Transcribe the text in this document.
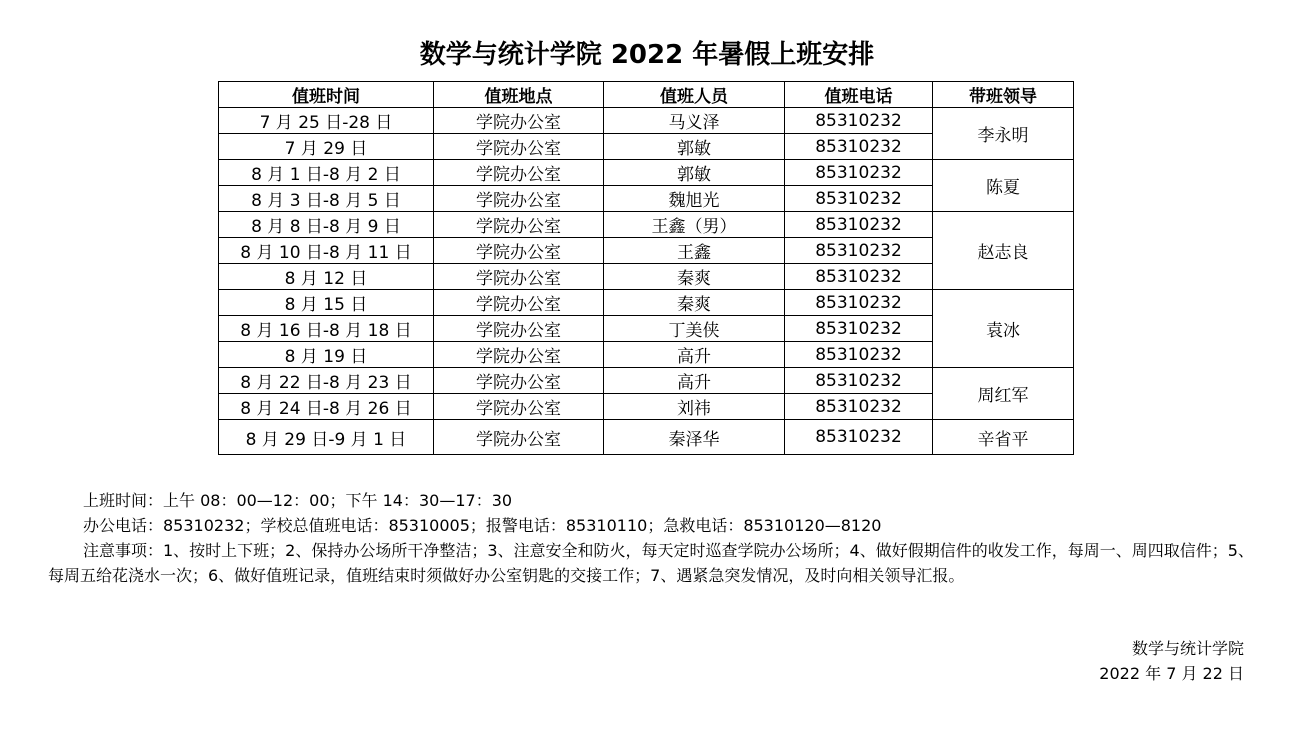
数学与统计学院 2022 年暑假上班安排
值班时间	值班地点	值班人员	值班电话	带班领导
7 月 25 日-28 日	学院办公室	马义泽	85310232	李永明
7 月 29 日	学院办公室	郭敏	85310232	
8 月 1 日-8 月 2 日	学院办公室	郭敏	85310232	陈夏
8 月 3 日-8 月 5 日	学院办公室	魏旭光	85310232	
8 月 8 日-8 月 9 日	学院办公室	王鑫（男）	85310232	赵志良
8 月 10 日-8 月 11 日	学院办公室	王鑫	85310232	
8 月 12 日	学院办公室	秦爽	85310232	
8 月 15 日	学院办公室	秦爽	85310232	袁冰
8 月 16 日-8 月 18 日	学院办公室	丁美侠	85310232	
8 月 19 日	学院办公室	高升	85310232	
8 月 22 日-8 月 23 日	学院办公室	高升	85310232	周红军
8 月 24 日-8 月 26 日	学院办公室	刘祎	85310232	
8 月 29 日-9 月 1 日	学院办公室	秦泽华	85310232	辛省平

上班时间：上午 08：00—12：00；下午 14：30—17：30

办公电话：85310232；学校总值班电话：85310005；报警电话：85310110；急救电话：85310120—8120

注意事项：1、按时上下班；2、保持办公场所干净整洁；3、注意安全和防火，每天定时巡查学院办公场所；4、做好假期信件的收发工作，每周一、周四取信件；5、每周五给花浇水一次；6、做好值班记录，值班结束时须做好办公室钥匙的交接工作；7、遇紧急突发情况，及时向相关领导汇报。

数学与统计学院
2022 年 7 月 22 日
